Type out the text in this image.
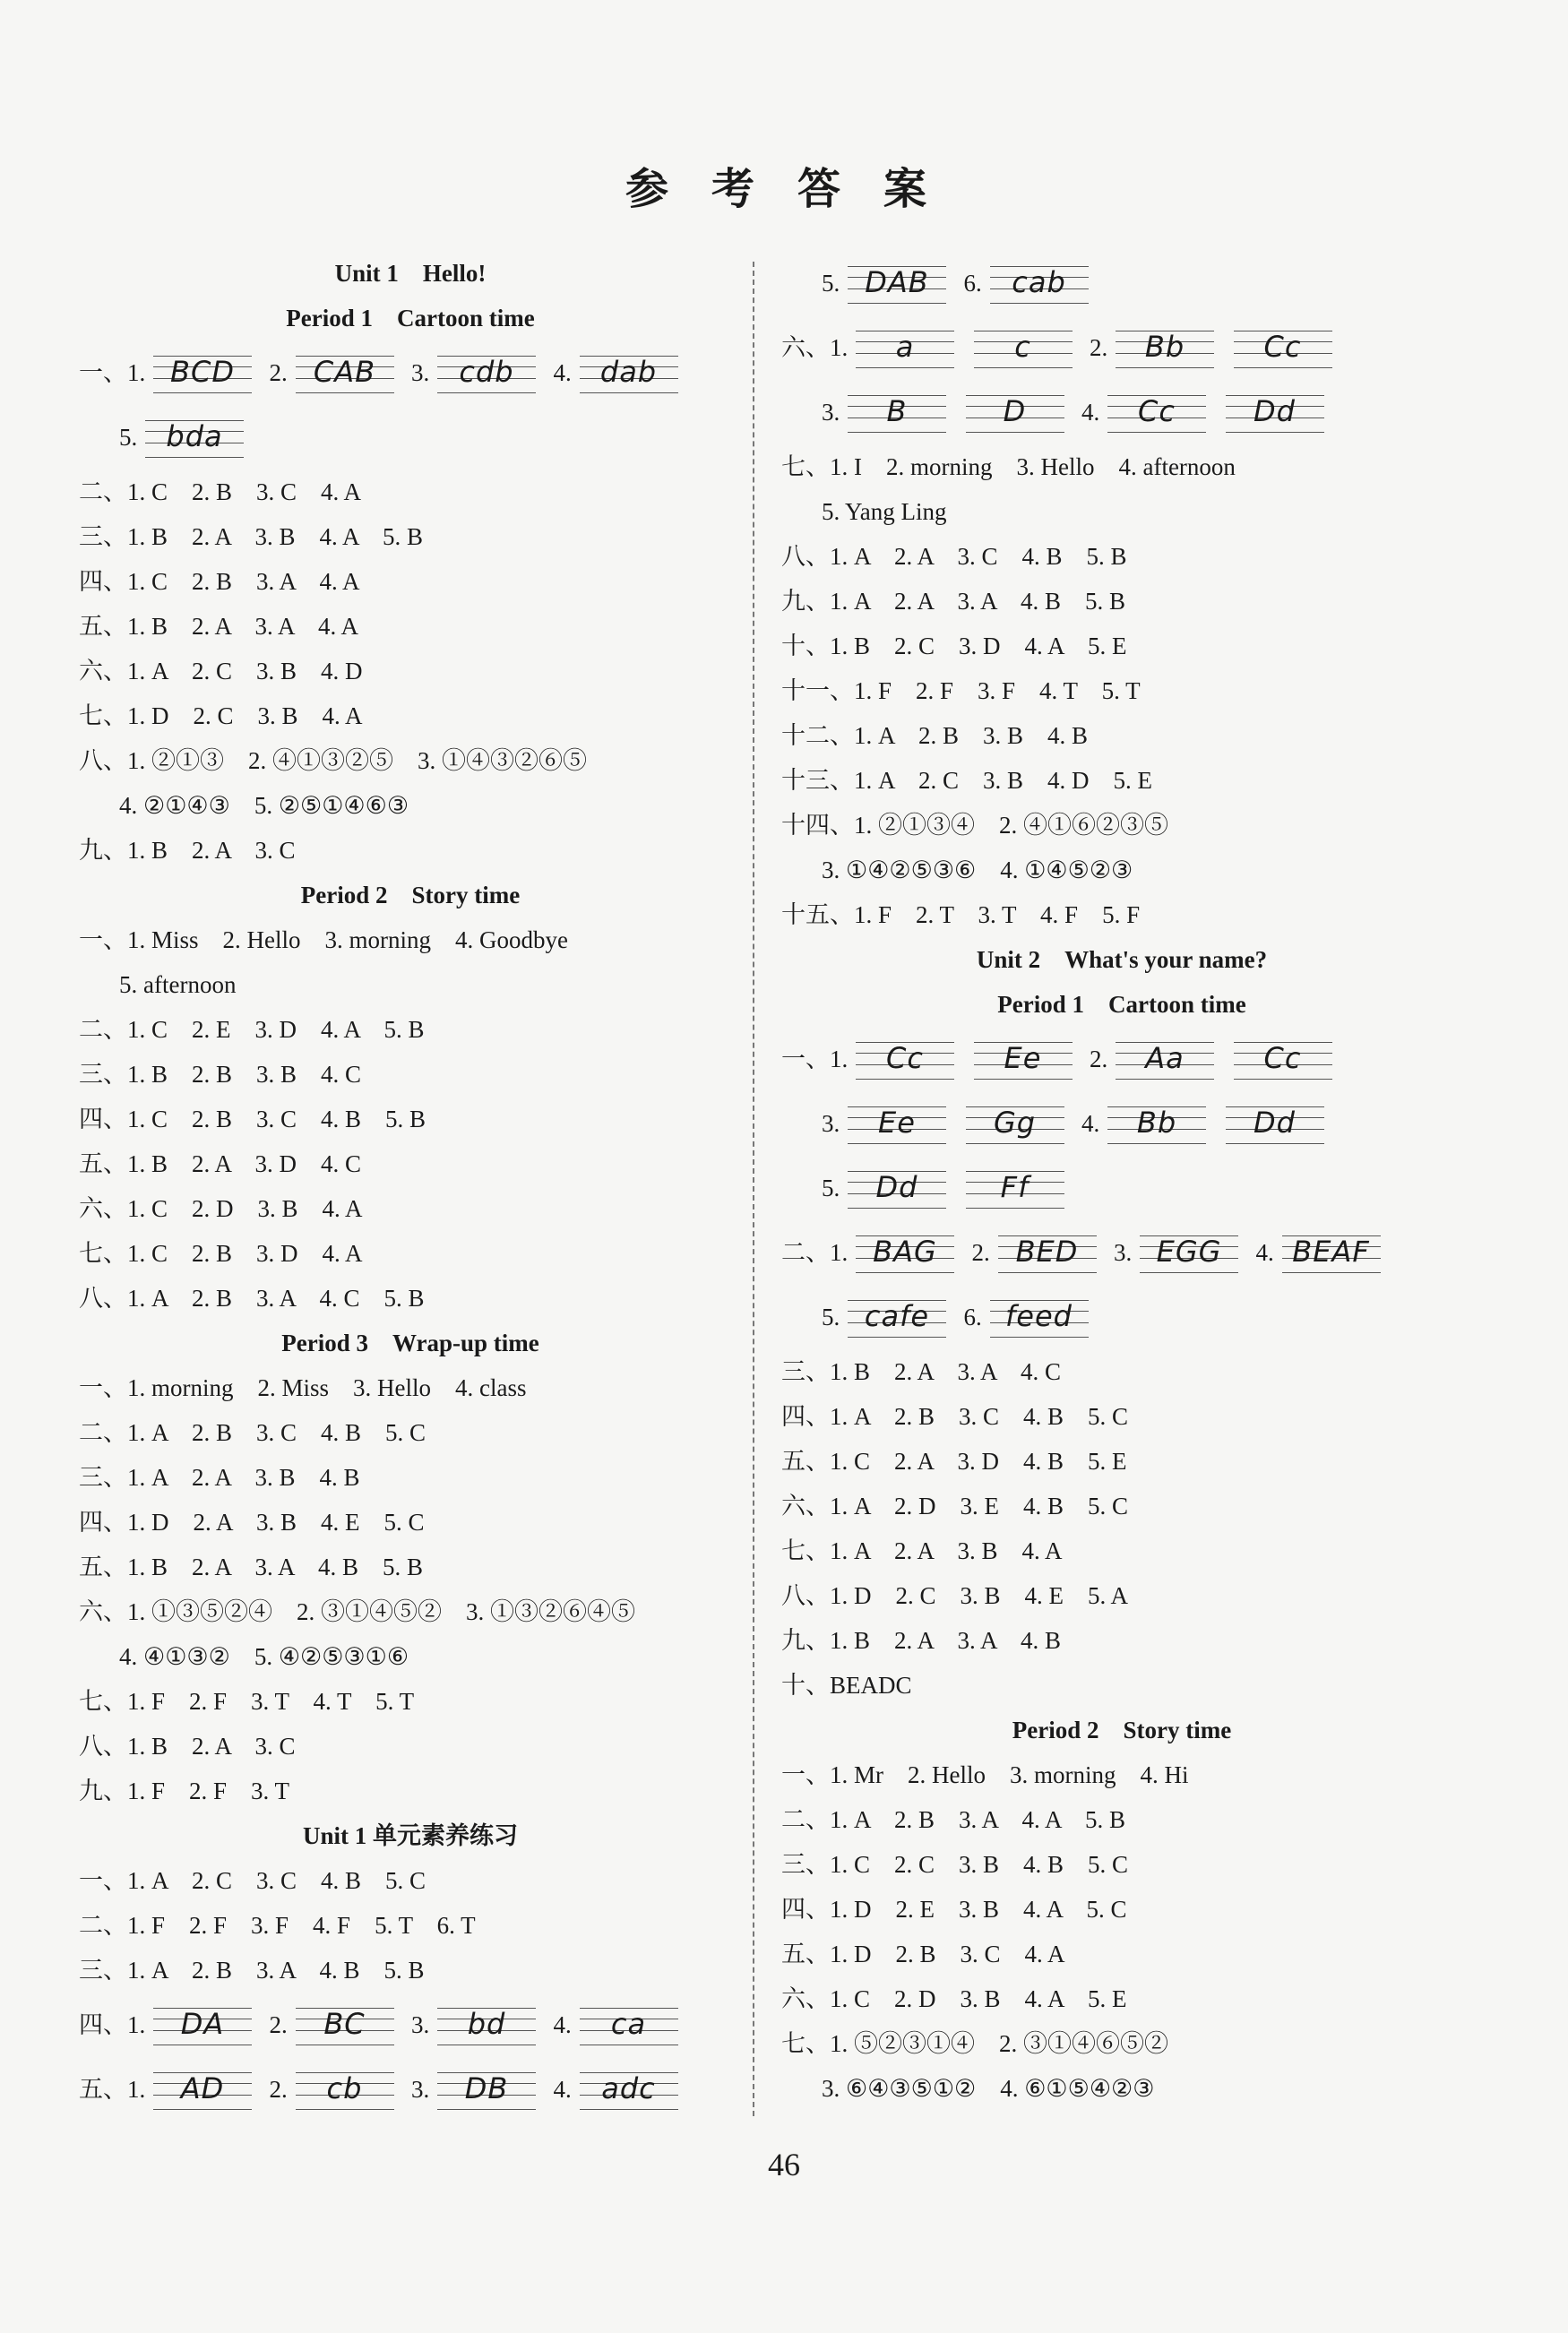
参 考 答 案
Unit 1　Hello!
Period 1　Cartoon time
一、1. BCD 2. CAB 3. cdb	4. dab
5. bda
二、1. C　2. B　3. C　4. A
三、1. B　2. A　3. B　4. A　5. B
四、1. C　2. B　3. A　4. A
五、1. B　2. A　3. A　4. A
六、1. A　2. C　3. B　4. D
七、1. D　2. C　3. B　4. A
八、1. ②①③　2. ④①③②⑤　3. ①④③②⑥⑤
4. ②①④③　5. ②⑤①④⑥③
九、1. B　2. A　3. C
Period 2　Story time
一、1. Miss　2. Hello　3. morning　4. Goodbye
5. afternoon
二、1. C　2. E　3. D　4. A　5. B
三、1. B　2. B　3. B　4. C
四、1. C　2. B　3. C　4. B　5. B
五、1. B　2. A　3. D　4. C
六、1. C　2. D　3. B　4. A
七、1. C　2. B　3. D　4. A
八、1. A　2. B　3. A　4. C　5. B
Period 3　Wrap-up time
一、1. morning　2. Miss　3. Hello　4. class
二、1. A　2. B　3. C　4. B　5. C
三、1. A　2. A　3. B　4. B
四、1. D　2. A　3. B　4. E　5. C
五、1. B　2. A　3. A　4. B　5. B
六、1. ①③⑤②④　2. ③①④⑤②　3. ①③②⑥④⑤
4. ④①③②　5. ④②⑤③①⑥
七、1. F　2. F　3. T　4. T　5. T
八、1. B　2. A　3. C
九、1. F　2. F　3. T
Unit 1 单元素养练习
一、1. A　2. C　3. C　4. B　5. C
二、1. F　2. F　3. F　4. F　5. T　6. T
三、1. A　2. B　3. A　4. B　5. B
四、1.	DA	2.	BC	3.	bd	4.	ca
五、1.	AD	2.	cb	3.	DB	4. adc
5. DAB 6. cab
六、1.	a
	c	2.	Bb
	Cc
3.	B
	D	4.	Cc
	Dd
七、1. I　2. morning　3. Hello　4. afternoon
5. Yang Ling
八、1. A　2. A　3. C　4. B　5. B
九、1. A　2. A　3. A　4. B　5. B
十、1. B　2. C　3. D　4. A　5. E
十一、1. F　2. F　3. F　4. T　5. T
十二、1. A　2. B　3. B　4. B
十三、1. A　2. C　3. B　4. D　5. E
十四、1. ②①③④　2. ④①⑥②③⑤
3. ①④②⑤③⑥　4. ①④⑤②③
十五、1. F　2. T　3. T　4. F　5. F
Unit 2　What's your name?
Period 1　Cartoon time
一、1.	Cc
	Ee	2.	Aa
	Cc
3.	Ee
	Gg	4.	Bb
	Dd
5.	Dd
	Ff
二、1. BAG 2. BED 3. EGG 4. BEAF
5. cafe 6. feed
三、1. B　2. A　3. A　4. C
四、1. A　2. B　3. C　4. B　5. C
五、1. C　2. A　3. D　4. B　5. E
六、1. A　2. D　3. E　4. B　5. C
七、1. A　2. A　3. B　4. A
八、1. D　2. C　3. B　4. E　5. A
九、1. B　2. A　3. A　4. B
十、BEADC
Period 2　Story time
一、1. Mr　2. Hello　3. morning　4. Hi
二、1. A　2. B　3. A　4. A　5. B
三、1. C　2. C　3. B　4. B　5. C
四、1. D　2. E　3. B　4. A　5. C
五、1. D　2. B　3. C　4. A
六、1. C　2. D　3. B　4. A　5. E
七、1. ⑤②③①④　2. ③①④⑥⑤②
3. ⑥④③⑤①②　4. ⑥①⑤④②③
46
